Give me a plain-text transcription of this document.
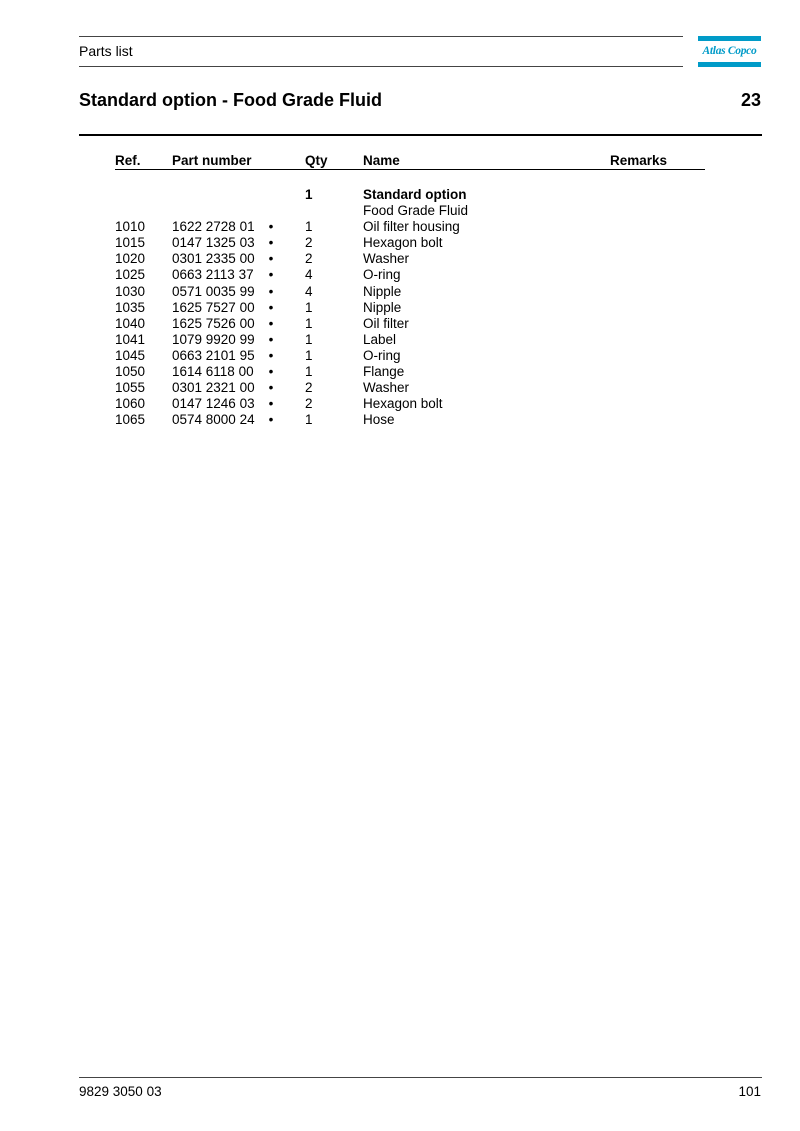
Parts list	Atlas Copco
Standard option - Food Grade Fluid	23
Ref. Part number	Qty	Name	Remarks
1	Standard option
Food Grade Fluid
1010 1622 2728 01 • 1	Oil filter housing
1015 0147 1325 03 • 2	Hexagon bolt
1020 0301 2335 00 • 2	Washer
1025 0663 2113 37 • 4	O-ring
1030 0571 0035 99 • 4	Nipple
1035 1625 7527 00 • 1	Nipple
1040 1625 7526 00 • 1	Oil filter
1041 1079 9920 99 • 1	Label
1045 0663 2101 95 • 1	O-ring
1050 1614 6118 00 • 1	Flange
1055 0301 2321 00 • 2	Washer
1060 0147 1246 03 • 2	Hexagon bolt
1065 0574 8000 24 • 1	Hose
9829 3050 03	101
